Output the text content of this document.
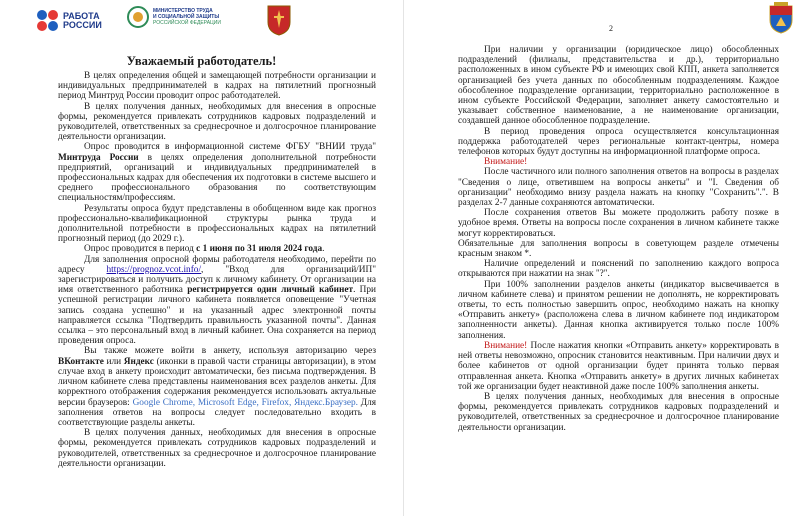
РАБОТА
РОССИИ
МИНИСТЕРСТВО ТРУДА
И СОЦИАЛЬНОЙ ЗАЩИТЫ
РОССИЙСКОЙ ФЕДЕРАЦИИ
Уважаемый работодатель!

В целях определения общей и замещающей потребности организации и индивидуальных предпринимателей в кадрах на пятилетний прогнозный период Минтруд России проводит опрос работодателей.

В целях получения данных, необходимых для внесения в опросные формы, рекомендуется привлекать сотрудников кадровых подразделений и руководителей, ответственных за среднесрочное и долгосрочное планирование деятельности организации.

Опрос проводится в информационной системе ФГБУ "ВНИИ труда" Минтруда России в целях определения дополнительной потребности предприятий, организаций и индивидуальных предпринимателей в профессиональных кадрах для обеспечения их подготовки в системе высшего и среднего профессионального образования по соответствующим специальностям/профессиям.

Результаты опроса будут представлены в обобщенном виде как прогноз профессионально-квалификационной структуры рынка труда и дополнительной потребности в профессиональных кадрах на пятилетний прогнозный период (до 2029 г.).

Опрос проводится в период с 1 июня по 31 июля 2024 года.

Для заполнения опросной формы работодателя необходимо, перейти по адресу https://prognoz.vcot.info/, "Вход для организаций/ИП" зарегистрироваться и получить доступ к личному кабинету. От организации на имя ответственного работника регистрируется один личный кабинет. При успешной регистрации личного кабинета появляется оповещение "Учетная запись создана успешно" и на указанный адрес электронной почты направляется ссылка "Подтвердить правильность указанной почты". Данная ссылка – это персональный вход в личный кабинет. Она сохраняется на период проведения опроса.

Вы также можете войти в анкету, используя авторизацию через ВКонтакте или Яндекс (иконки в правой части страницы авторизации), в этом случае вход в анкету происходит автоматически, без письма подтверждения. В личном кабинете слева представлены наименования всех разделов анкеты. Для корректного отображения содержания рекомендуется использовать актуальные версии браузеров: Google Chrome, Microsoft Edge, Firefox, Яндекс.Браузер. Для заполнения ответов на вопросы следует последовательно входить в соответствующие разделы анкеты.

В целях получения данных, необходимых для внесения в опросные формы, рекомендуется привлекать сотрудников кадровых подразделений и руководителей, ответственных за среднесрочное и долгосрочное планирование деятельности организации.

2

При наличии у организации (юридическое лицо) обособленных подразделений (филиалы, представительства и др.), территориально расположенных в ином субъекте РФ и имеющих свой КПП, анкета заполняется организацией без учета данных по обособленным подразделениям. Каждое обособленное подразделение организации, территориально расположенное в ином субъекте Российской Федерации, заполняет анкету самостоятельно и указывает собственное наименование, а не наименование организации, создавшей данное обособленное подразделение.

В период проведения опроса осуществляется консультационная поддержка работодателей через региональные контакт-центры, номера телефонов которых будут доступны на информационной платформе опроса.

Внимание!

После частичного или полного заполнения ответов на вопросы в разделах "Сведения о лице, ответившем на вопросы анкеты" и "I. Сведения об организации" необходимо внизу раздела нажать на кнопку "Сохранить".". В разделах 2-7 данные сохраняются автоматически.

После сохранения ответов Вы можете продолжить работу позже в удобное время. Ответы на вопросы после сохранения в личном кабинете также могут корректироваться.

Обязательные для заполнения вопросы в советующем разделе отмечены красным знаком *.

Наличие определений и пояснений по заполнению каждого вопроса открываются при нажатии на знак "?".

При 100% заполнении разделов анкеты (индикатор высвечивается в личном кабинете слева) и принятом решении не дополнять, не корректировать ответы, то есть полностью завершить опрос, необходимо нажать на кнопку «Отправить анкету» (расположена слева в личном кабинете под индикатором заполненности анкеты). Данная кнопка активируется только после 100% заполнения.

Внимание! После нажатия кнопки «Отправить анкету» корректировать в ней ответы невозможно, опросник становится неактивным. При наличии двух и более кабинетов от одной организации будет принята только первая отправленная анкета. Кнопка «Отправить анкету» в других личных кабинетах той же организации будет неактивной даже после 100% заполнения анкеты.

В целях получения данных, необходимых для внесения в опросные формы, рекомендуется привлекать сотрудников кадровых подразделений и руководителей, ответственных за среднесрочное и долгосрочное планирование деятельности организации.
